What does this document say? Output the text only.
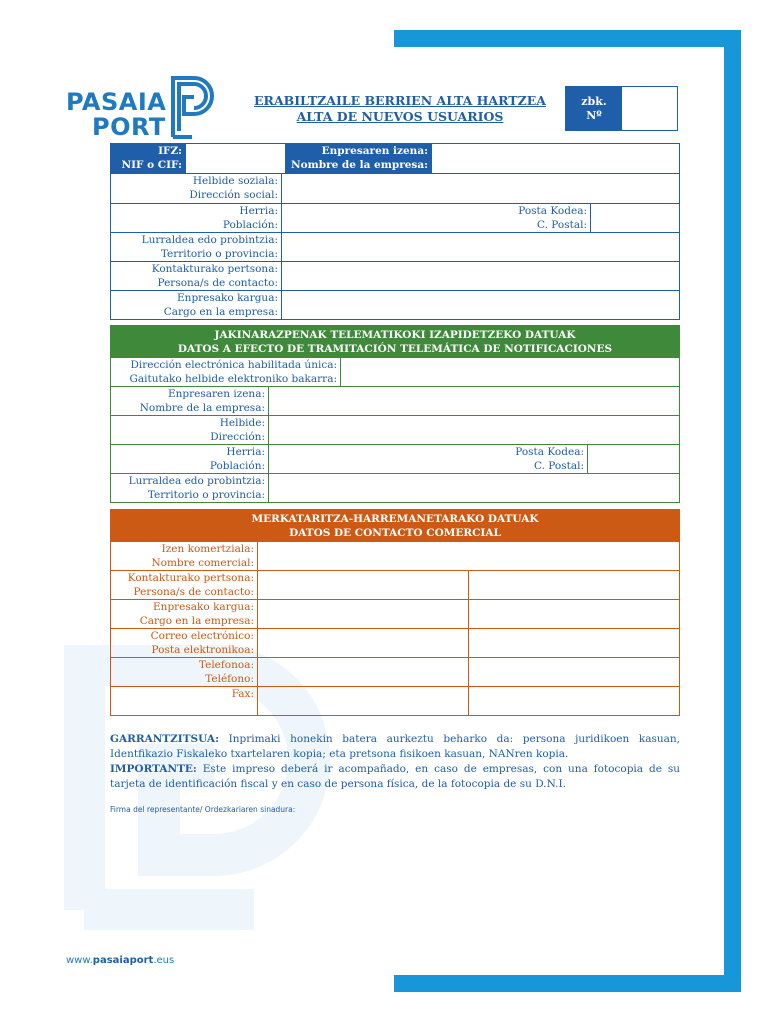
PASAIA
PORT
ERABILTZAILE BERRIEN ALTA HARTZEA
ALTA DE NUEVOS USUARIOS
zbk.
Nº
IFZ:
NIF o CIF:
Enpresaren izena:
Nombre de la empresa:
Helbide soziala:
Dirección social:
Herria:
Población:
Posta Kodea:
C. Postal:
Lurraldea edo probintzia:
Territorio o provincia:
Kontakturako pertsona:
Persona/s de contacto:
Enpresako kargua:
Cargo en la empresa:
JAKINARAZPENAK TELEMATIKOKI IZAPIDETZEKO DATUAK
DATOS A EFECTO DE TRAMITACIÓN TELEMÁTICA DE NOTIFICACIONES
Dirección electrónica habilitada única:
Gaitutako helbide elektroniko bakarra:
Enpresaren izena:
Nombre de la empresa:
Helbide:
Dirección:
Herria:
Población:
Posta Kodea:
C. Postal:
Lurraldea edo probintzia:
Territorio o provincia:
MERKATARITZA-HARREMANETARAKO DATUAK
DATOS DE CONTACTO COMERCIAL
Izen komertziala:
Nombre comercial:
Kontakturako pertsona:
Persona/s de contacto:
Enpresako kargua:
Cargo en la empresa:
Correo electrónico:
Posta elektronikoa:
Telefonoa:
Teléfono:
Fax:
GARRANTZITSUA: Inprimaki honekin batera aurkeztu beharko da: persona juridikoen kasuan, Identfikazio Fiskaleko txartelaren kopia; eta pretsona fisikoen kasuan, NANren kopia.
IMPORTANTE: Este impreso deberá ir acompañado, en caso de empresas, con una fotocopia de su tarjeta de identificación fiscal y en caso de persona física, de la fotocopia de su D.N.I.
Firma del representante/ Ordezkariaren sinadura:
www.pasaiaport.eus
